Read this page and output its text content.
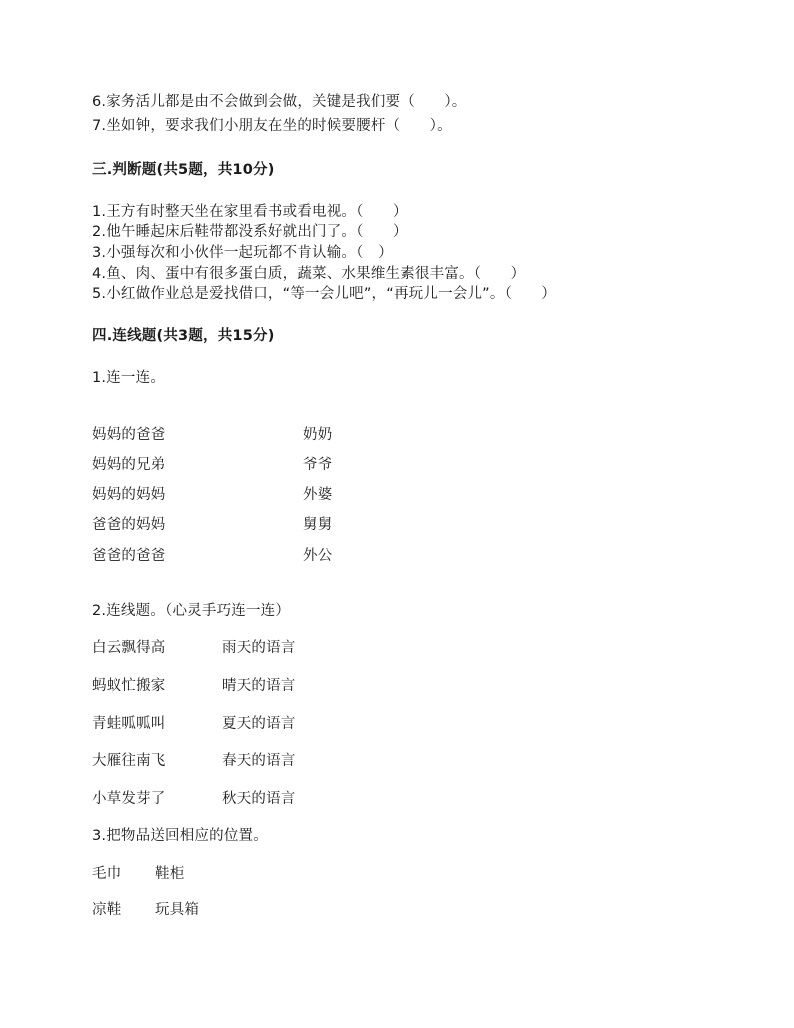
6.家务活儿都是由不会做到会做，关键是我们要（　　）。
7.坐如钟，要求我们小朋友在坐的时候要腰杆（　　）。
三.判断题(共5题，共10分)
1.王方有时整天坐在家里看书或看电视。（　　）
2.他午睡起床后鞋带都没系好就出门了。（　　）
3.小强每次和小伙伴一起玩都不肯认输。（　）
4.鱼、肉、蛋中有很多蛋白质，蔬菜、水果维生素很丰富。（　　）
5.小红做作业总是爱找借口，“等一会儿吧”，“再玩儿一会儿”。（　　）
四.连线题(共3题，共15分)
1.连一连。
妈妈的爸爸	奶奶
妈妈的兄弟	爷爷
妈妈的妈妈	外婆
爸爸的妈妈	舅舅
爸爸的爸爸	外公
2.连线题。（心灵手巧连一连）
白云飘得高	雨天的语言
蚂蚁忙搬家	晴天的语言
青蛙呱呱叫	夏天的语言
大雁往南飞	春天的语言
小草发芽了	秋天的语言
3.把物品送回相应的位置。
毛巾 鞋柜
凉鞋 玩具箱
